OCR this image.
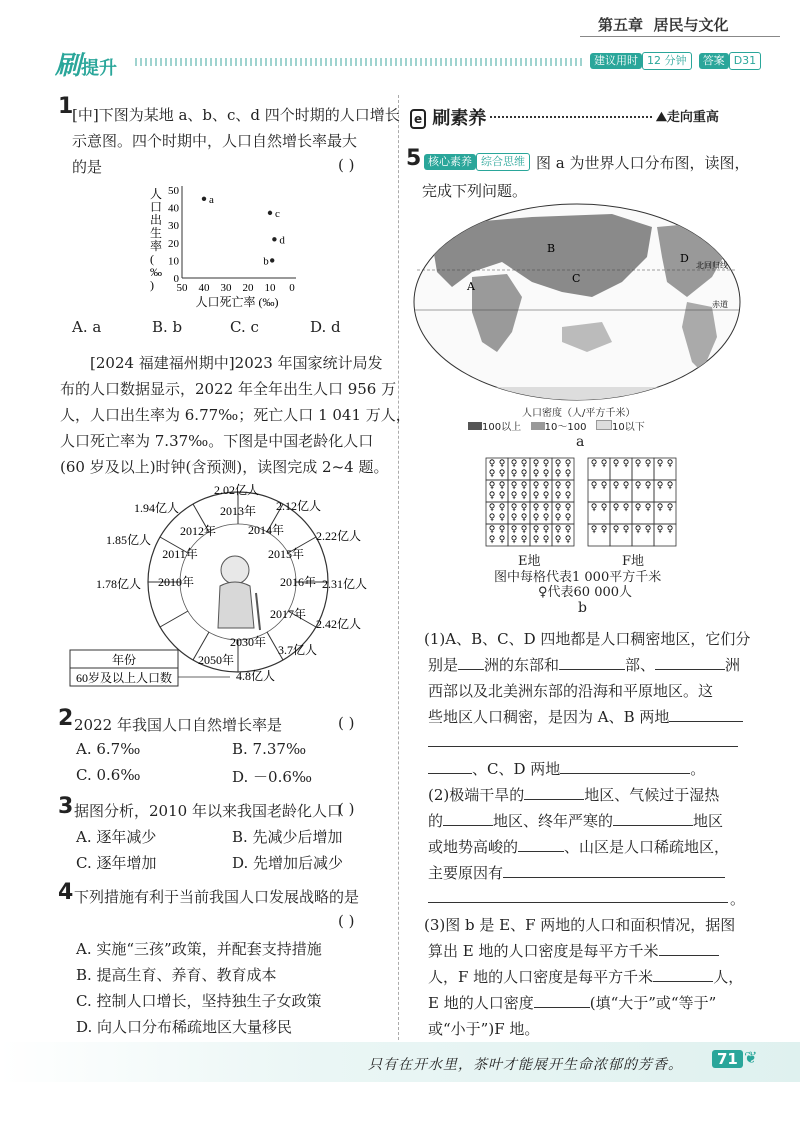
第五章 居民与文化
刷提升	建议用时 12 分钟 答案 D31
1
[中]下图为某地 a、b、c、d 四个时期的人口增长
示意图。四个时期中，人口自然增长率最大
的是	( )
0
10
20
30
40
50
50 40 30 20 10 0
人口死亡率 (‰)
人口出生率( ‰ )
a
b
c
d
A. a	B. b	C. c	D. d
[2024 福建福州期中]2023 年国家统计局发
布的人口数据显示，2022 年全年出生人口 956 万
人，人口出生率为 6.77‰；死亡人口 1 041 万人，
人口死亡率为 7.37‰。下图是中国老龄化人口
(60 岁及以上)时钟(含预测)，读图完成 2~4 题。
年份
60岁及以上人口数
2010年
1.78亿人
2011年
1.85亿人
2012年
1.94亿人	2013年
2.02亿人
2014年
2.12亿人
2015年
2.22亿人
2016年 2.31亿人
2017年
2.42亿人
2030年
3.7亿人
2050年
4.8亿人
2 2022 年我国人口自然增长率是	( )
A. 6.7‰	B. 7.37‰
C. 0.6‰	D. －0.6‰
3 据图分析，2010 年以来我国老龄化人口
( )
A. 逐年减少	B. 先减少后增加
C. 逐年增加	D. 先增加后减少
4 下列措施有利于当前我国人口发展战略的是
( )
A. 实施“三孩”政策，并配套支持措施
B. 提高生育、养育、教育成本
C. 控制人口增长，坚持独生子女政策
D. 向人口分布稀疏地区大量移民
e 刷素养	⛰走向重高
5 核心素养 综合思维 图 a 为世界人口分布图，读图，
完成下列问题。
A
B
C
D
北回归线
赤道
人口密度（人/平方千米）
100以上 10～100	10以下
a
♀ ♀
♀ ♀
♀ ♀
♀ ♀
♀ ♀
♀ ♀
♀ ♀
♀ ♀
♀ ♀
♀ ♀
♀ ♀
♀ ♀
♀ ♀
♀ ♀
♀ ♀
♀ ♀
♀ ♀
♀ ♀
♀ ♀
♀ ♀
♀ ♀
♀ ♀
♀ ♀
♀ ♀
♀ ♀
♀ ♀
♀ ♀
♀ ♀
♀ ♀
♀ ♀
♀ ♀
♀ ♀
♀ ♀ ♀ ♀ ♀ ♀ ♀ ♀
♀ ♀ ♀ ♀ ♀ ♀ ♀ ♀
♀ ♀ ♀ ♀ ♀ ♀ ♀ ♀
♀ ♀ ♀ ♀ ♀ ♀ ♀ ♀
E地	F地
图中每格代表1 000平方千米
♀代表60 000人
b
(1)A、B、C、D 四地都是人口稠密地区，它们分
别是 洲的东部和	部、	洲
西部以及北美洲东部的沿海和平原地区。这
些地区人口稠密，是因为 A、B 两地
、C、D 两地	。
(2)极端干旱的	地区、气候过于湿热
的	地区、终年严寒的	地区
或地势高峻的	、山区是人口稀疏地区，
主要原因有
。
(3)图 b 是 E、F 两地的人口和面积情况，据图
算出 E 地的人口密度是每平方千米
人，F 地的人口密度是每平方千米	人，
E 地的人口密度	(填“大于”或“等于”
或“小于”)F 地。
只有在开水里，茶叶才能展开生命浓郁的芳香。	71 ❦
